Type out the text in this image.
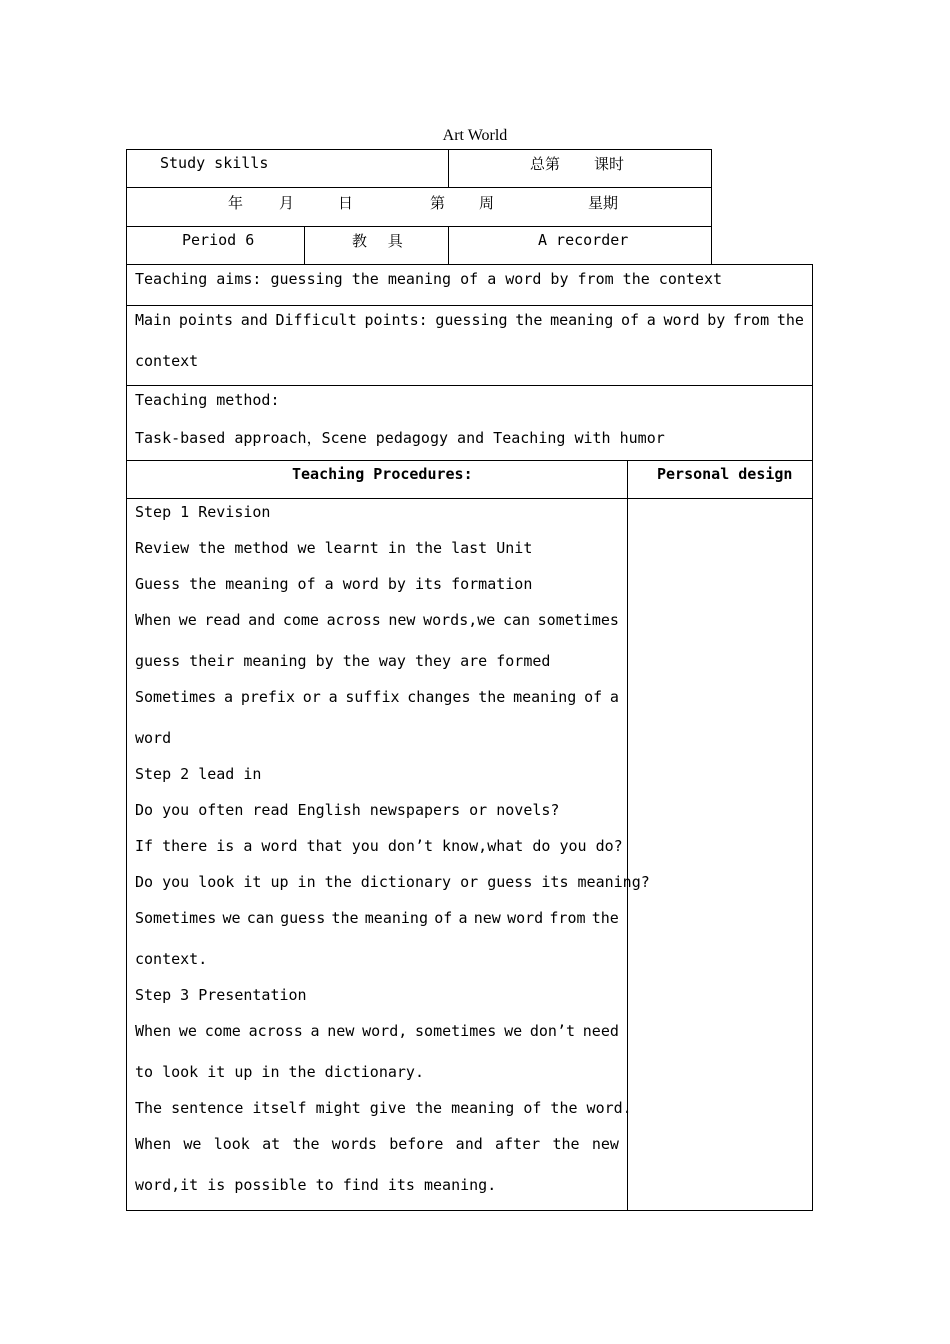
Art World
Study skills	总第 课时
年 月	日	第 周	星期
Period 6	教 具	A recorder
Teaching aims: guessing the meaning of a word by from the context
Main points and Difficult points: guessing the meaning of a word by from the
context
Teaching method:
Task-based approach，Scene pedagogy and Teaching with humor
Teaching Procedures:	Personal design
Step 1 Revision
Review the method we learnt in the last Unit
Guess the meaning of a word by its formation
When we read and come across new words,we can sometimes
guess their meaning by the way they are formed
Sometimes a prefix or a suffix changes the meaning of a
word
Step 2 lead in
Do you often read English newspapers or novels?
If there is a word that you don’t know,what do you do?
Do you look it up in the dictionary or guess its meaning?
Sometimes we can guess the meaning of a new word from the
context.
Step 3 Presentation
When we come across a new word, sometimes we don’t need
to look it up in the dictionary.
The sentence itself might give the meaning of the word.
When we look at the words before and after the new
word,it is possible to find its meaning.
